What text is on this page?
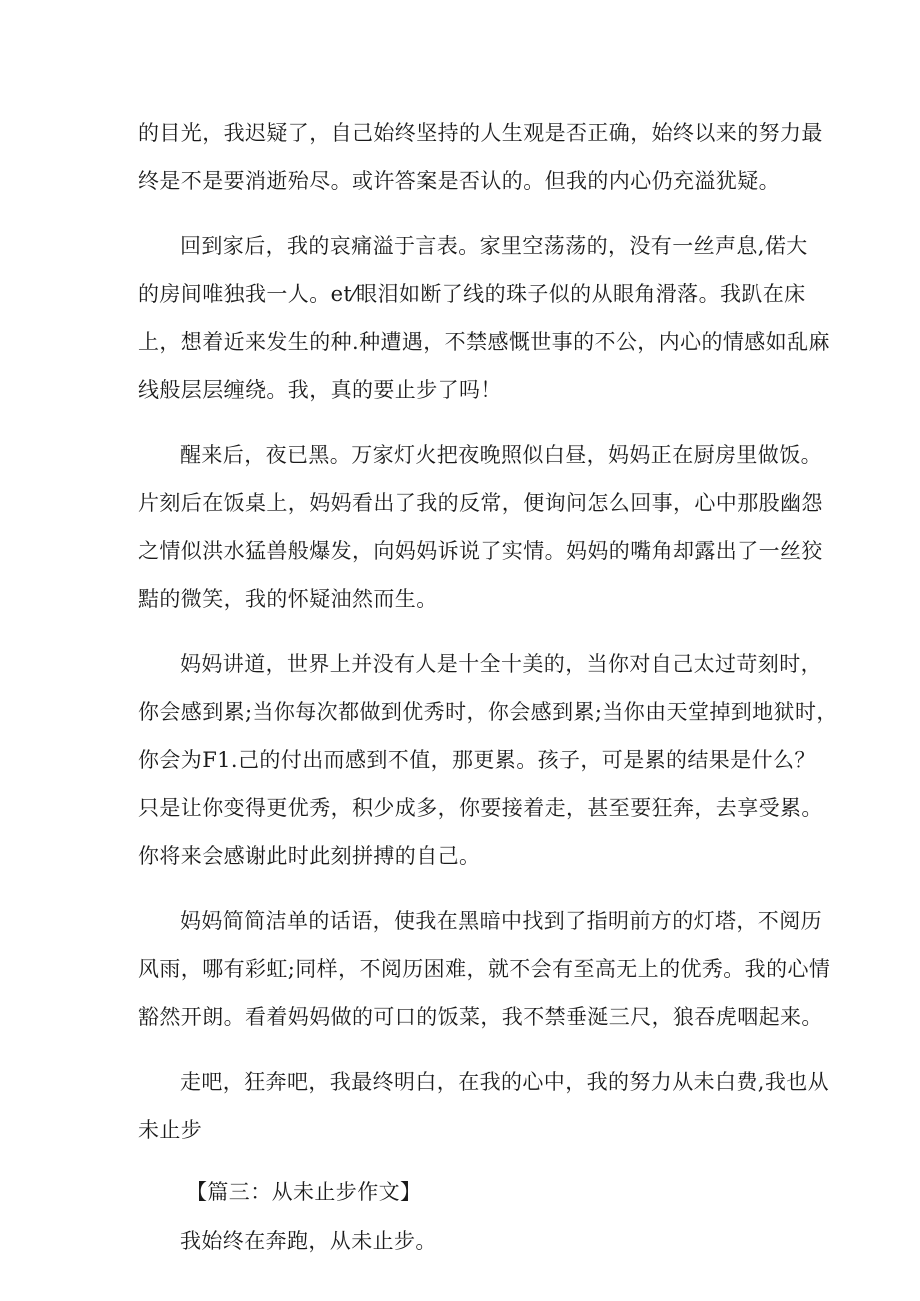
的目光，我迟疑了，自己始终坚持的人生观是否正确，始终以来的努力最
终是不是要消逝殆尽。或许答案是否认的。但我的内心仍充溢犹疑。
回到家后，我的哀痛溢于言表。家里空荡荡的，没有一丝声息,偌大
的房间唯独我一人。et⁄眼泪如断了线的珠子似的从眼角滑落。我趴在床
上，想着近来发生的种.种遭遇，不禁感慨世事的不公，内心的情感如乱麻
线般层层缠绕。我，真的要止步了吗！
醒来后，夜已黑。万家灯火把夜晚照似白昼，妈妈正在厨房里做饭。
片刻后在饭桌上，妈妈看出了我的反常，便询问怎么回事，心中那股幽怨
之情似洪水猛兽般爆发，向妈妈诉说了实情。妈妈的嘴角却露出了一丝狡
黠的微笑，我的怀疑油然而生。
妈妈讲道，世界上并没有人是十全十美的，当你对自己太过苛刻时，
你会感到累;当你每次都做到优秀时，你会感到累;当你由天堂掉到地狱时，
你会为F1.己的付出而感到不值，那更累。孩子，可是累的结果是什么？
只是让你变得更优秀，积少成多，你要接着走，甚至要狂奔，去享受累。
你将来会感谢此时此刻拼搏的自己。
妈妈简简洁单的话语，使我在黑暗中找到了指明前方的灯塔，不阅历
风雨，哪有彩虹;同样，不阅历困难，就不会有至高无上的优秀。我的心情
豁然开朗。看着妈妈做的可口的饭菜，我不禁垂涎三尺，狼吞虎咽起来。
走吧，狂奔吧，我最终明白，在我的心中，我的努力从未白费,我也从
未止步
【篇三：从未止步作文】
我始终在奔跑，从未止步。
